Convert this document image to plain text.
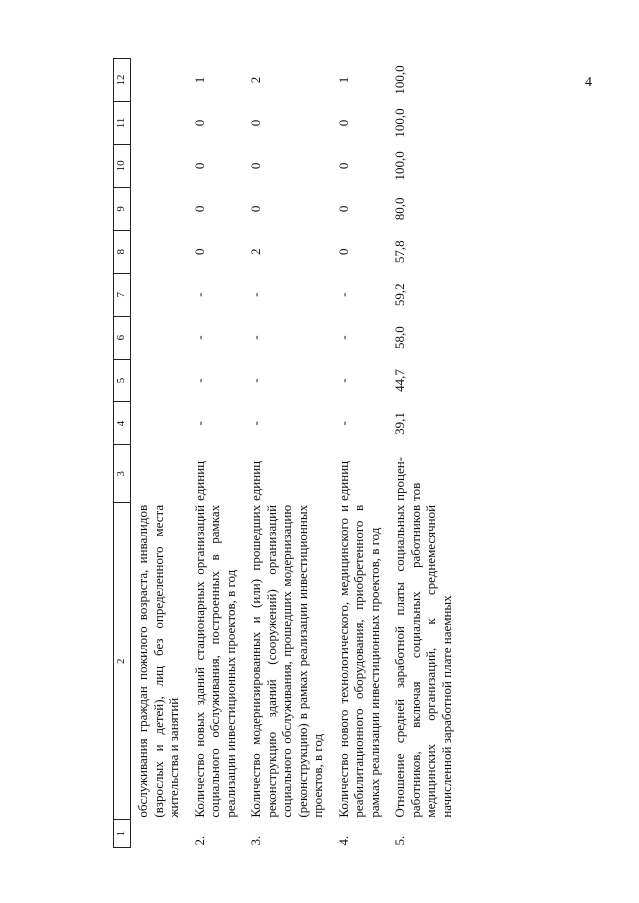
4
1	2	3	4	5	6	7	8	9	10	11	12
	обслуживания граждан пожилого возраста, инвалидов (взрослых и детей), лиц без определенного места жительства и занятий										
2.	Количество новых зданий стационарных организаций социального обслуживания, построенных в рамках реализации инвестиционных проектов, в год	единиц	-	-	-	-	0	0	0	0	1
3.	Количество модернизированных и (или) прошедших реконструкцию зданий (сооружений) организаций социального обслуживания, прошедших модернизацию (реконструкцию) в рамках реализации инвестиционных проектов, в год	единиц	-	-	-	-	2	0	0	0	2
4.	Количество нового технологического, медицинского и реабилитационного оборудования, приобретенного в рамках реализации инвестиционных проектов, в год	единиц	-	-	-	-	0	0	0	0	1
5.	Отношение средней заработной платы социальных работников, включая социальных работников медицинских организаций, к среднемесячной начисленной заработной плате наемных	процен-тов	39,1	44,7	58,0	59,2	57,8	80,0	100,0	100,0	100,0
